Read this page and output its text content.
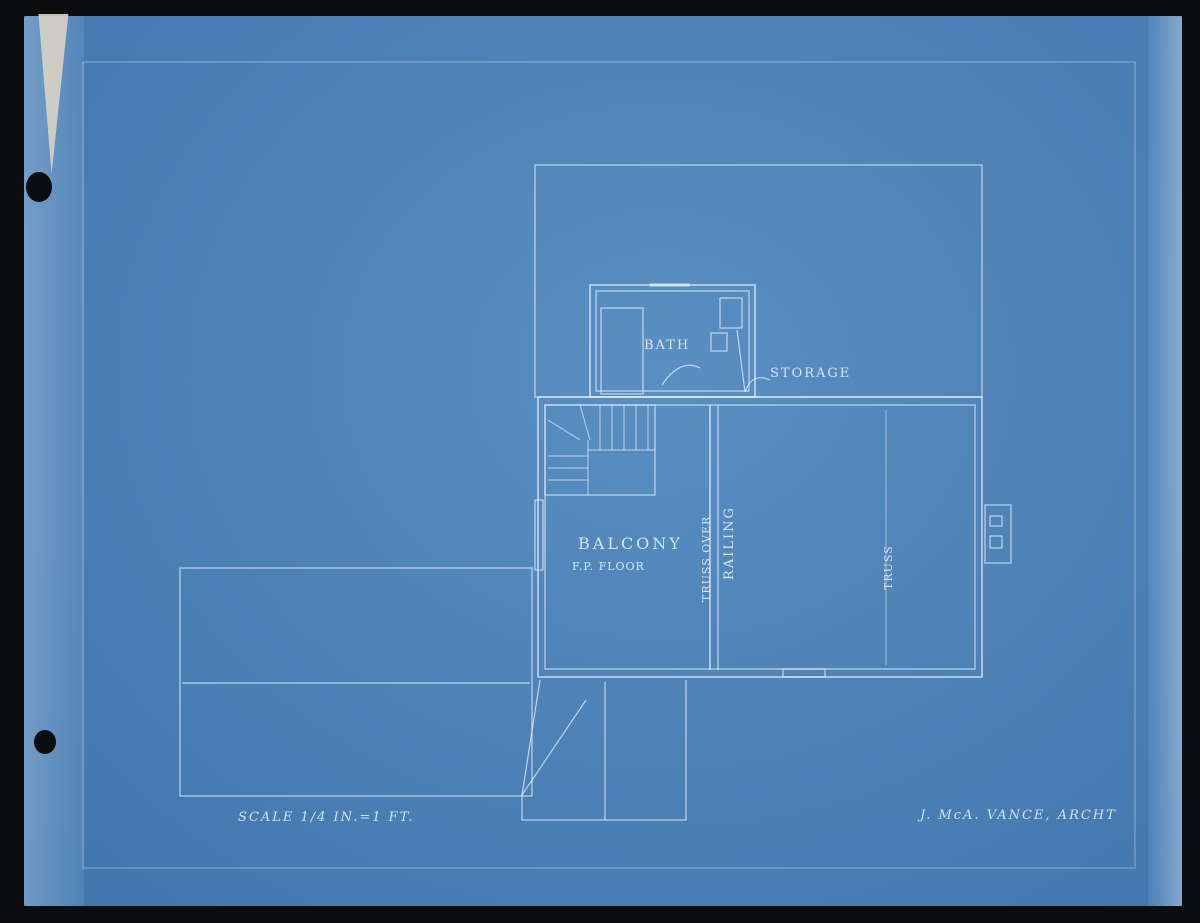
BATH
STORAGE
BALCONY
F.P. FLOOR	TRUSS OVER RAILING	TRUSS
SCALE 1/4 IN.=1 FT.	J. McA. VANCE, ARCHT
